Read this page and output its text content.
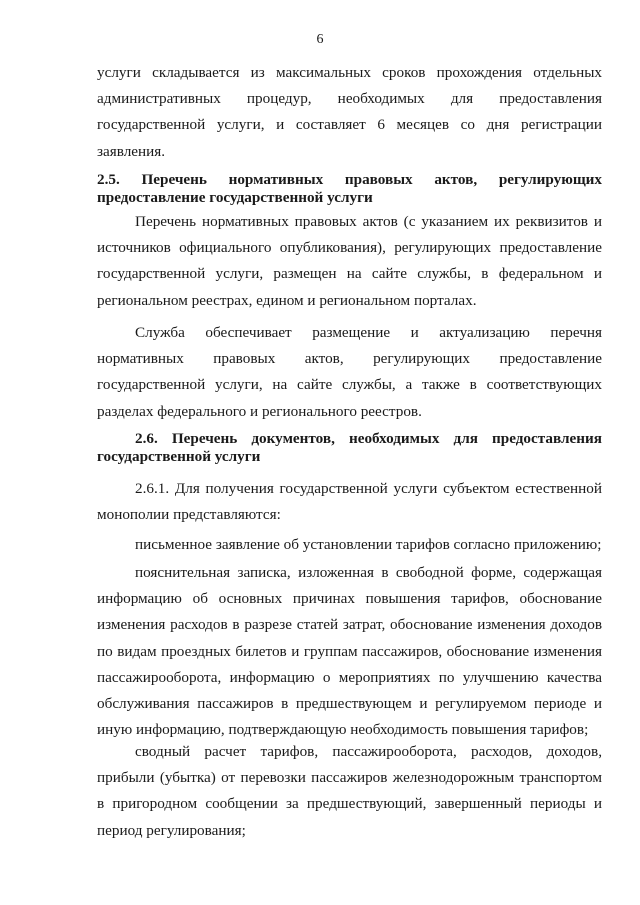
6
услуги складывается из максимальных сроков прохождения отдельных
административных процедур, необходимых для предоставления
государственной услуги, и составляет 6 месяцев со дня регистрации
заявления.
2.5. Перечень нормативных правовых актов, регулирующих
предоставление государственной услуги
Перечень нормативных правовых актов (с указанием их реквизитов и
источников официального опубликования), регулирующих предоставление
государственной услуги, размещен на сайте службы, в федеральном и
региональном реестрах, едином и региональном порталах.
Служба обеспечивает размещение и актуализацию перечня
нормативных правовых актов, регулирующих предоставление
государственной услуги, на сайте службы, а также в соответствующих
разделах федерального и регионального реестров.
2.6. Перечень документов, необходимых для предоставления
государственной услуги
2.6.1. Для получения государственной услуги субъектом естественной
монополии представляются:
письменное заявление об установлении тарифов согласно приложению;
пояснительная записка, изложенная в свободной форме, содержащая
информацию об основных причинах повышения тарифов, обоснование
изменения расходов в разрезе статей затрат, обоснование изменения доходов
по видам проездных билетов и группам пассажиров, обоснование изменения
пассажирооборота, информацию о мероприятиях по улучшению качества
обслуживания пассажиров в предшествующем и регулируемом периоде и
иную информацию, подтверждающую необходимость повышения тарифов;
сводный расчет тарифов, пассажирооборота, расходов, доходов,
прибыли (убытка) от перевозки пассажиров железнодорожным транспортом
в пригородном сообщении за предшествующий, завершенный периоды и
период регулирования;
